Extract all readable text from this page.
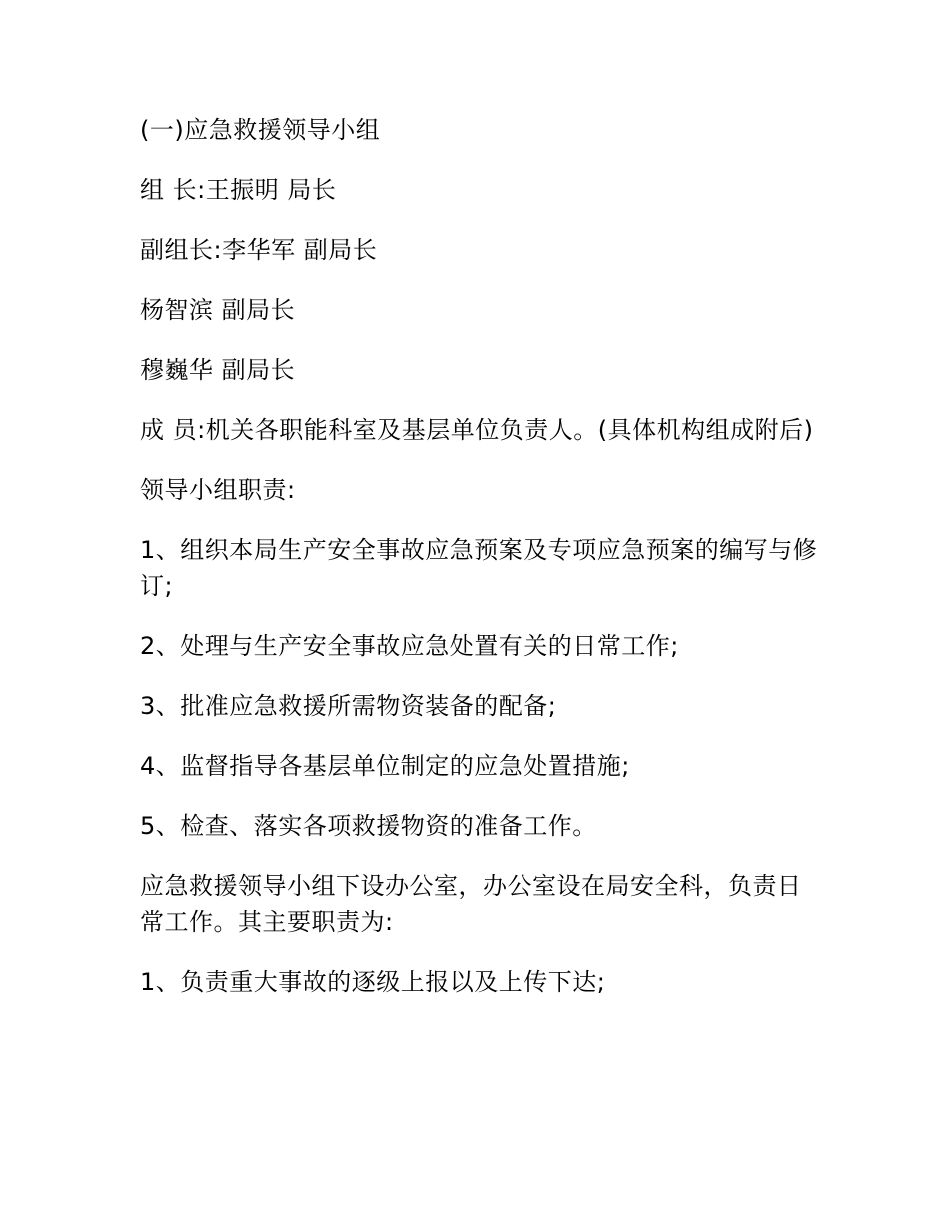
(一)应急救援领导小组

组 长:王振明 局长

副组长:李华军 副局长

杨智滨 副局长

穆巍华 副局长

成 员:机关各职能科室及基层单位负责人。(具体机构组成附后)

领导小组职责:

1、组织本局生产安全事故应急预案及专项应急预案的编写与修订;

2、处理与生产安全事故应急处置有关的日常工作;

3、批准应急救援所需物资装备的配备;

4、监督指导各基层单位制定的应急处置措施;

5、检查、落实各项救援物资的准备工作。

应急救援领导小组下设办公室，办公室设在局安全科，负责日常工作。其主要职责为:

1、负责重大事故的逐级上报以及上传下达;
